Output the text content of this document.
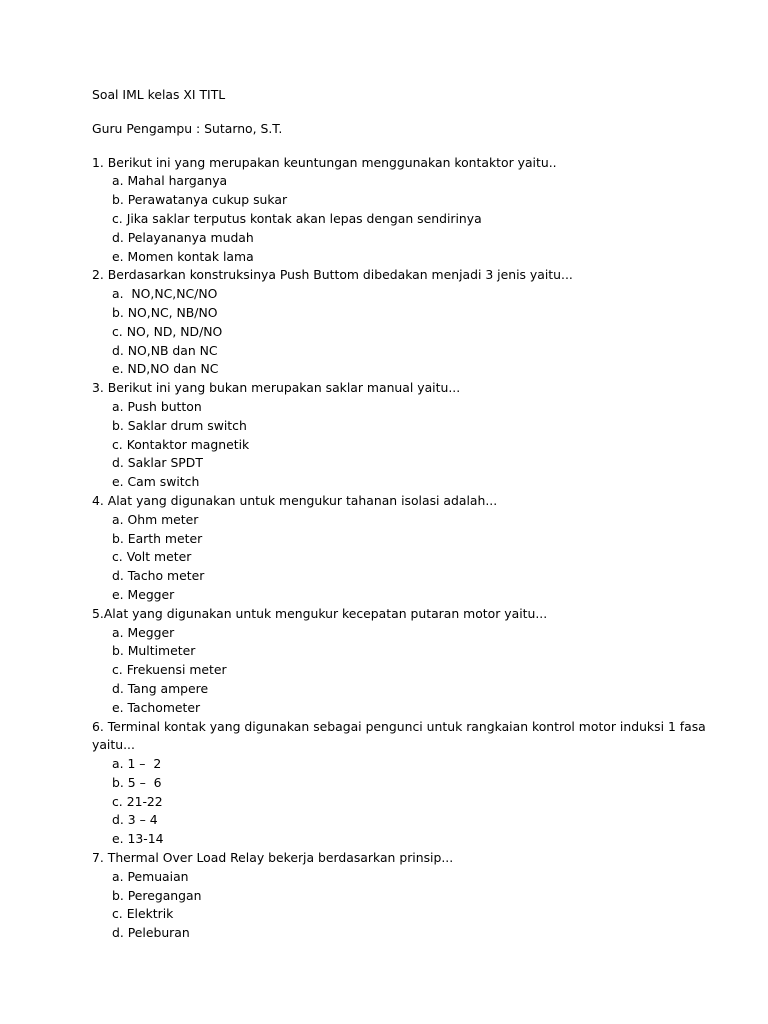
Soal IML kelas XI TITL
Guru Pengampu : Sutarno, S.T.
1. Berikut ini yang merupakan keuntungan menggunakan kontaktor yaitu..
a. Mahal harganya
b. Perawatanya cukup sukar
c. Jika saklar terputus kontak akan lepas dengan sendirinya
d. Pelayananya mudah
e. Momen kontak lama
2. Berdasarkan konstruksinya Push Buttom dibedakan menjadi 3 jenis yaitu...
a.  NO,NC,NC/NO
b. NO,NC, NB/NO
c. NO, ND, ND/NO
d. NO,NB dan NC
e. ND,NO dan NC
3. Berikut ini yang bukan merupakan saklar manual yaitu...
a. Push button
b. Saklar drum switch
c. Kontaktor magnetik
d. Saklar SPDT
e. Cam switch
4. Alat yang digunakan untuk mengukur tahanan isolasi adalah...
a. Ohm meter
b. Earth meter
c. Volt meter
d. Tacho meter
e. Megger
5.Alat yang digunakan untuk mengukur kecepatan putaran motor yaitu...
a. Megger
b. Multimeter
c. Frekuensi meter
d. Tang ampere
e. Tachometer
6. Terminal kontak yang digunakan sebagai pengunci untuk rangkaian kontrol motor induksi 1 fasa
yaitu...
a. 1 –  2
b. 5 –  6
c. 21-22
d. 3 – 4
e. 13-14
7. Thermal Over Load Relay bekerja berdasarkan prinsip...
a. Pemuaian
b. Peregangan
c. Elektrik
d. Peleburan
